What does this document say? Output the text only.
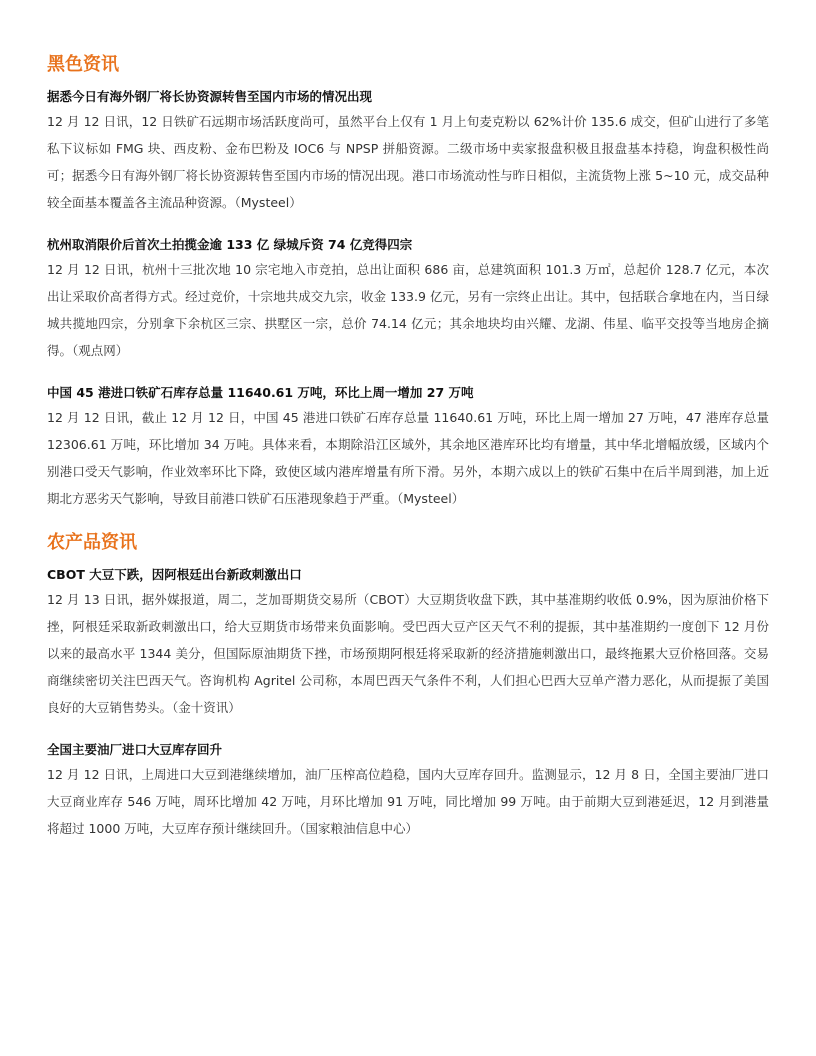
黑色资讯

据悉今日有海外钢厂将长协资源转售至国内市场的情况出现

12 月 12 日讯，12 日铁矿石远期市场活跃度尚可，虽然平台上仅有 1 月上旬麦克粉以 62%计价 135.6 成交，但矿山进行了多笔私下议标如 FMG 块、西皮粉、金布巴粉及 IOC6 与 NPSP 拼船资源。二级市场中卖家报盘积极且报盘基本持稳，询盘积极性尚可；据悉今日有海外钢厂将长协资源转售至国内市场的情况出现。港口市场流动性与昨日相似，主流货物上涨 5~10 元，成交品种较全面基本覆盖各主流品种资源。（Mysteel）

杭州取消限价后首次土拍揽金逾 133 亿 绿城斥资 74 亿竞得四宗

12 月 12 日讯，杭州十三批次地 10 宗宅地入市竞拍，总出让面积 686 亩，总建筑面积 101.3 万㎡，总起价 128.7 亿元，本次出让采取价高者得方式。经过竞价，十宗地共成交九宗，收金 133.9 亿元，另有一宗终止出让。其中，包括联合拿地在内，当日绿城共揽地四宗，分别拿下余杭区三宗、拱墅区一宗，总价 74.14 亿元；其余地块均由兴耀、龙湖、伟星、临平交投等当地房企摘得。（观点网）

中国 45 港进口铁矿石库存总量 11640.61 万吨，环比上周一增加 27 万吨

12 月 12 日讯，截止 12 月 12 日，中国 45 港进口铁矿石库存总量 11640.61 万吨，环比上周一增加 27 万吨，47 港库存总量 12306.61 万吨，环比增加 34 万吨。具体来看，本期除沿江区域外，其余地区港库环比均有增量，其中华北增幅放缓，区域内个别港口受天气影响，作业效率环比下降，致使区域内港库增量有所下滑。另外，本期六成以上的铁矿石集中在后半周到港，加上近期北方恶劣天气影响，导致目前港口铁矿石压港现象趋于严重。（Mysteel）

农产品资讯

CBOT 大豆下跌，因阿根廷出台新政刺激出口

12 月 13 日讯，据外媒报道，周二，芝加哥期货交易所（CBOT）大豆期货收盘下跌，其中基准期约收低 0.9%，因为原油价格下挫，阿根廷采取新政刺激出口，给大豆期货市场带来负面影响。受巴西大豆产区天气不利的提振，其中基准期约一度创下 12 月份以来的最高水平 1344 美分，但国际原油期货下挫，市场预期阿根廷将采取新的经济措施刺激出口，最终拖累大豆价格回落。交易商继续密切关注巴西天气。咨询机构 Agritel 公司称，本周巴西天气条件不利，人们担心巴西大豆单产潜力恶化，从而提振了美国良好的大豆销售势头。（金十资讯）

全国主要油厂进口大豆库存回升

12 月 12 日讯，上周进口大豆到港继续增加，油厂压榨高位趋稳，国内大豆库存回升。监测显示，12 月 8 日，全国主要油厂进口大豆商业库存 546 万吨，周环比增加 42 万吨，月环比增加 91 万吨，同比增加 99 万吨。由于前期大豆到港延迟，12 月到港量将超过 1000 万吨，大豆库存预计继续回升。（国家粮油信息中心）
